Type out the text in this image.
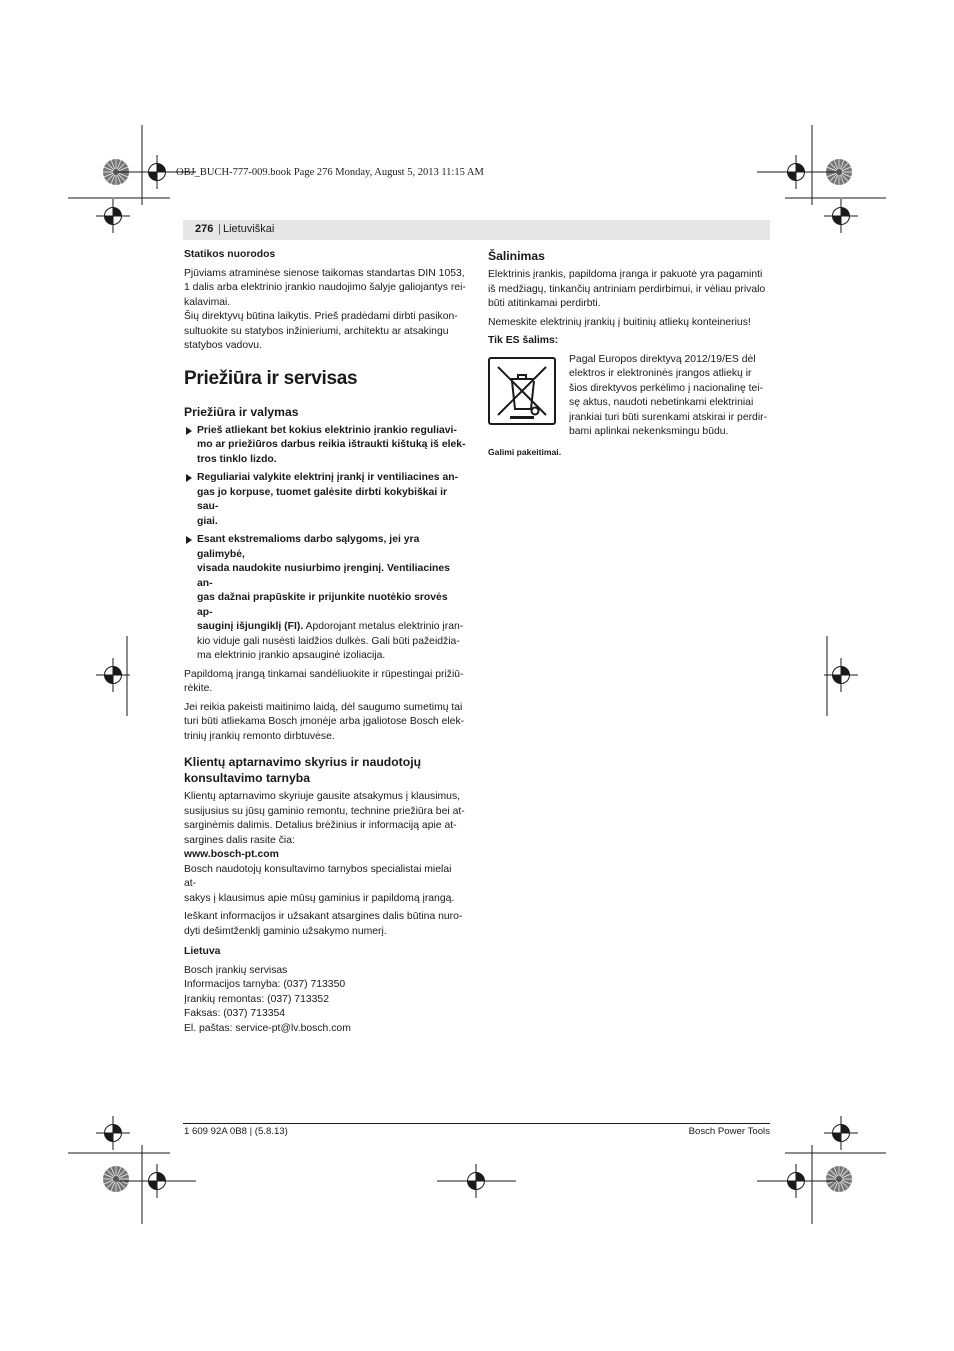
OBJ_BUCH-777-009.book Page 276 Monday, August 5, 2013 11:15 AM
276 | Lietuviškai

Statikos nuorodos

Pjūviams atraminėse sienose taikomas standartas DIN 1053,
1 dalis arba elektrinio įrankio naudojimo šalyje galiojantys rei-
kalavimai.

Šių direktyvų būtina laikytis. Prieš pradėdami dirbti pasikon-
sultuokite su statybos inžinieriumi, architektu ar atsakingu
statybos vadovu.

Priežiūra ir servisas

Priežiūra ir valymas

Prieš atliekant bet kokius elektrinio įrankio reguliavi-
mo ar priežiūros darbus reikia ištraukti kištuką iš elek-
tros tinklo lizdo.
Reguliariai valykite elektrinį įrankį ir ventiliacines an-
gas jo korpuse, tuomet galėsite dirbti kokybiškai ir sau-
giai.
Esant ekstremalioms darbo sąlygoms, jei yra galimybė,
visada naudokite nusiurbimo įrenginį. Ventiliacines an-
gas dažnai prapūskite ir prijunkite nuotėkio srovės ap-
sauginį išjungiklį (FI). Apdorojant metalus elektrinio įran-
kio viduje gali nusėsti laidžios dulkės. Gali būti pažeidžia-
ma elektrinio įrankio apsauginė izoliacija.

Papildomą įrangą tinkamai sandėliuokite ir rūpestingai prižiū-
rėkite.

Jei reikia pakeisti maitinimo laidą, dėl saugumo sumetimų tai
turi būti atliekama Bosch įmonėje arba įgaliotose Bosch elek-
trinių įrankių remonto dirbtuvėse.

Klientų aptarnavimo skyrius ir naudotojų
konsultavimo tarnyba

Klientų aptarnavimo skyriuje gausite atsakymus į klausimus,
susijusius su jūsų gaminio remontu, technine priežiūra bei at-
sarginėmis dalimis. Detalius brėžinius ir informaciją apie at-
sargines dalis rasite čia:

www.bosch-pt.com

Bosch naudotojų konsultavimo tarnybos specialistai mielai at-
sakys į klausimus apie mūsų gaminius ir papildomą įrangą.

Ieškant informacijos ir užsakant atsargines dalis būtina nuro-
dyti dešimtženklį gaminio užsakymo numerį.

Lietuva

Bosch įrankių servisas
Informacijos tarnyba: (037) 713350
Įrankių remontas: (037) 713352
Faksas: (037) 713354
El. paštas: service-pt@lv.bosch.com

Šalinimas

Elektrinis įrankis, papildoma įranga ir pakuotė yra pagaminti
iš medžiagų, tinkančių antriniam perdirbimui, ir vėliau privalo
būti atitinkamai perdirbti.

Nemeskite elektrinių įrankių į buitinių atliekų konteinerius!

Tik ES šalims:

Pagal Europos direktyvą 2012/19/ES dėl
elektros ir elektroninės įrangos atliekų ir
šios direktyvos perkėlimo į nacionalinę tei-
sę aktus, naudoti nebetinkami elektriniai
įrankiai turi būti surenkami atskirai ir perdir-
bami aplinkai nekenksmingu būdu.

Galimi pakeitimai.

1 609 92A 0B8 | (5.8.13)	Bosch Power Tools
